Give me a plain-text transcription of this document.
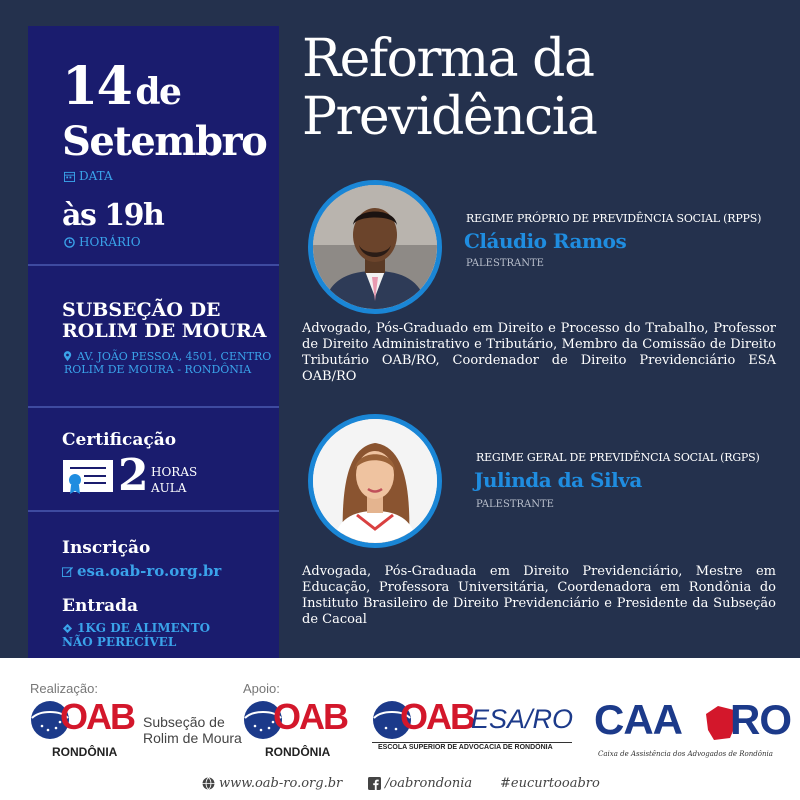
14 de
Setembro
DATA
às 19h
HORÁRIO
SUBSEÇÃO DE
ROLIM DE MOURA
AV. JOÃO PESSOA, 4501, CENTRO
ROLIM DE MOURA - RONDÔNIA
Certificação
2 HORAS
AULA
Inscrição
esa.oab-ro.org.br
Entrada
1KG DE ALIMENTO
NÃO PERECÍVEL
Reforma da
Previdência
REGIME PRÓPRIO DE PREVIDÊNCIA SOCIAL (RPPS)
Cláudio Ramos
PALESTRANTE
Advogado, Pós-Graduado em Direito e Processo do Trabalho, Professor de Direito Administrativo e Tributário, Membro da Comissão de Direito Tributário OAB/RO, Coordenador de Direito Previdenciário ESA OAB/RO
REGIME GERAL DE PREVIDÊNCIA SOCIAL (RGPS)
Julinda da Silva
PALESTRANTE
Advogada, Pós-Graduada em Direito Previdenciário, Mestre em Educação, Professora Universitária, Coordenadora em Rondônia do Instituto Brasileiro de Direito Previdenciário e Presidente da Subseção de Cacoal
Realização:	Apoio:
OAB
RONDÔNIA
Subseção de
Rolim de Moura
OAB
RONDÔNIA
OAB
ESA/RO
ESCOLA SUPERIOR DE ADVOCACIA DE RONDÔNIA
CAA RO
Caixa de Assistência dos Advogados de Rondônia
www.oab-ro.org.br	/oabrondonia #eucurtooabro
